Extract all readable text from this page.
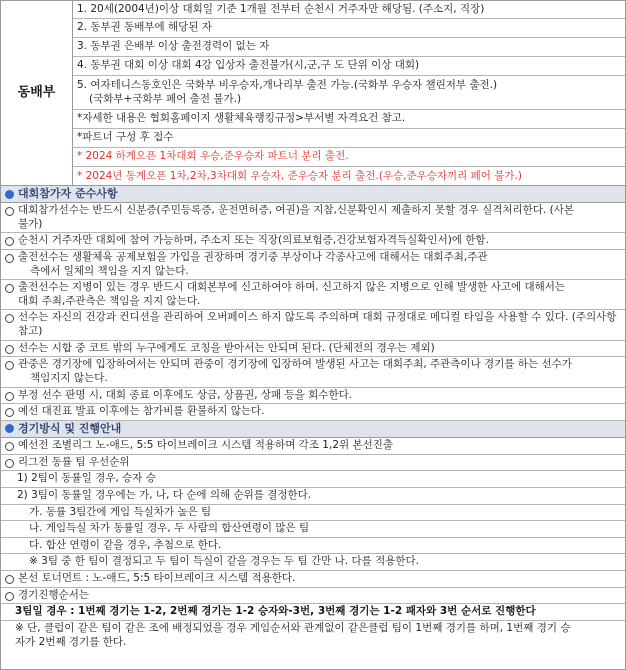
동배부
1. 20세(2004년)이상 대회일 기준 1개월 전부터 순천시 거주자만 해당됨. (주소지, 직장)
2. 동부권 동배부에 해당된 자
3. 동부권 은배부 이상 출전경력이 없는 자
4. 동부권 대회 이상 대회 4강 입상자 출전불가(시,군,구 도 단위 이상 대회)
5. 여자테니스동호인은 국화부 비우승자,개나리부 출전 가능.(국화부 우승자 챌린저부 출전.)
(국화부+국화부 페어 출전 불가.)
*자세한 내용은 협회홈페이지 생활체육랭킹규정>부서별 자격요건 참고.
*파트너 구성 후 접수
* 2024 하계오픈 1차대회 우승,준우승자 파트너 분리 출전.
* 2024년 동계오픈 1차,2차,3차대회 우승자, 준우승자 분리 출전.(우승,준우승자끼리 페어 불가.)
대회참가자 준수사항
대회참가선수는 반드시 신분증(주민등록증, 운전면허증, 여권)을 지참,신분확인시 제출하지 못할 경우 실격처리한다. (사본
불가)
순천시 거주자만 대회에 참여 가능하며, 주소지 또는 직장(의료보험증,건강보험자격득실확인서)에 한함.
출전선수는 생활체육 공제보험을 가입을 권장하며 경기중 부상이나 각종사고에 대해서는 대회주최,주관
측에서 일체의 책임을 지지 않는다.
출전선수는 지병이 있는 경우 반드시 대회본부에 신고하여야 하며. 신고하지 않은 지병으로 인해 발생한 사고에 대해서는
대회 주최,주관측은 책임을 지지 않는다.
선수는 자신의 건강과 컨디션을 관리하여 오버페이스 하지 않도록 주의하며 대회 규정대로 메디컬 타임을 사용할 수 있다. (주의사항
참고)
선수는 시합 중 코트 밖의 누구에게도 코칭을 받아서는 안되며 된다. (단체전의 경우는 제외)
관중은 경기장에 입장하여서는 안되며 관중이 경기장에 입장하여 발생된 사고는 대회주최, 주관측이나 경기를 하는 선수가
책임지지 않는다.
부정 선수 판명 시, 대회 종료 이후에도 상금, 상품권, 상패 등을 회수한다.
예선 대진표 발표 이후에는 참가비를 환불하지 않는다.
경기방식 및 진행안내
예선전 조별리그 노-애드, 5:5 타이브레이크 시스템 적용하며 각조 1,2위 본선진출
리그전 동률 팀 우선순위
1) 2팀이 동률일 경우, 승자 승
2) 3팀이 동률일 경우에는 가, 나, 다 순에 의해 순위를 결정한다.
가. 동률 3팀간에 게임 득실차가 높은 팀
나. 게임득실 차가 동률일 경우, 두 사람의 합산연령이 많은 팀
다. 합산 연령이 같을 경우, 추첨으로 한다.
※ 3팀 중 한 팀이 결정되고 두 팀이 득실이 같을 경우는 두 팀 간만 나. 다를 적용한다.
본선 토너먼트 : 노-애드, 5:5 타이브레이크 시스템 적용한다.
경기진행순서는
3팀일 경우 : 1번째 경기는 1-2, 2번째 경기는 1-2 승자와-3번, 3번째 경기는 1-2 패자와 3번 순서로 진행한다
※ 단, 클럽이 같은 팀이 같은 조에 배정되었을 경우 게임순서와 관계없이 같은클럽 팀이 1번째 경기를 하며, 1번째 경기 승
자가 2번째 경기를 한다.
